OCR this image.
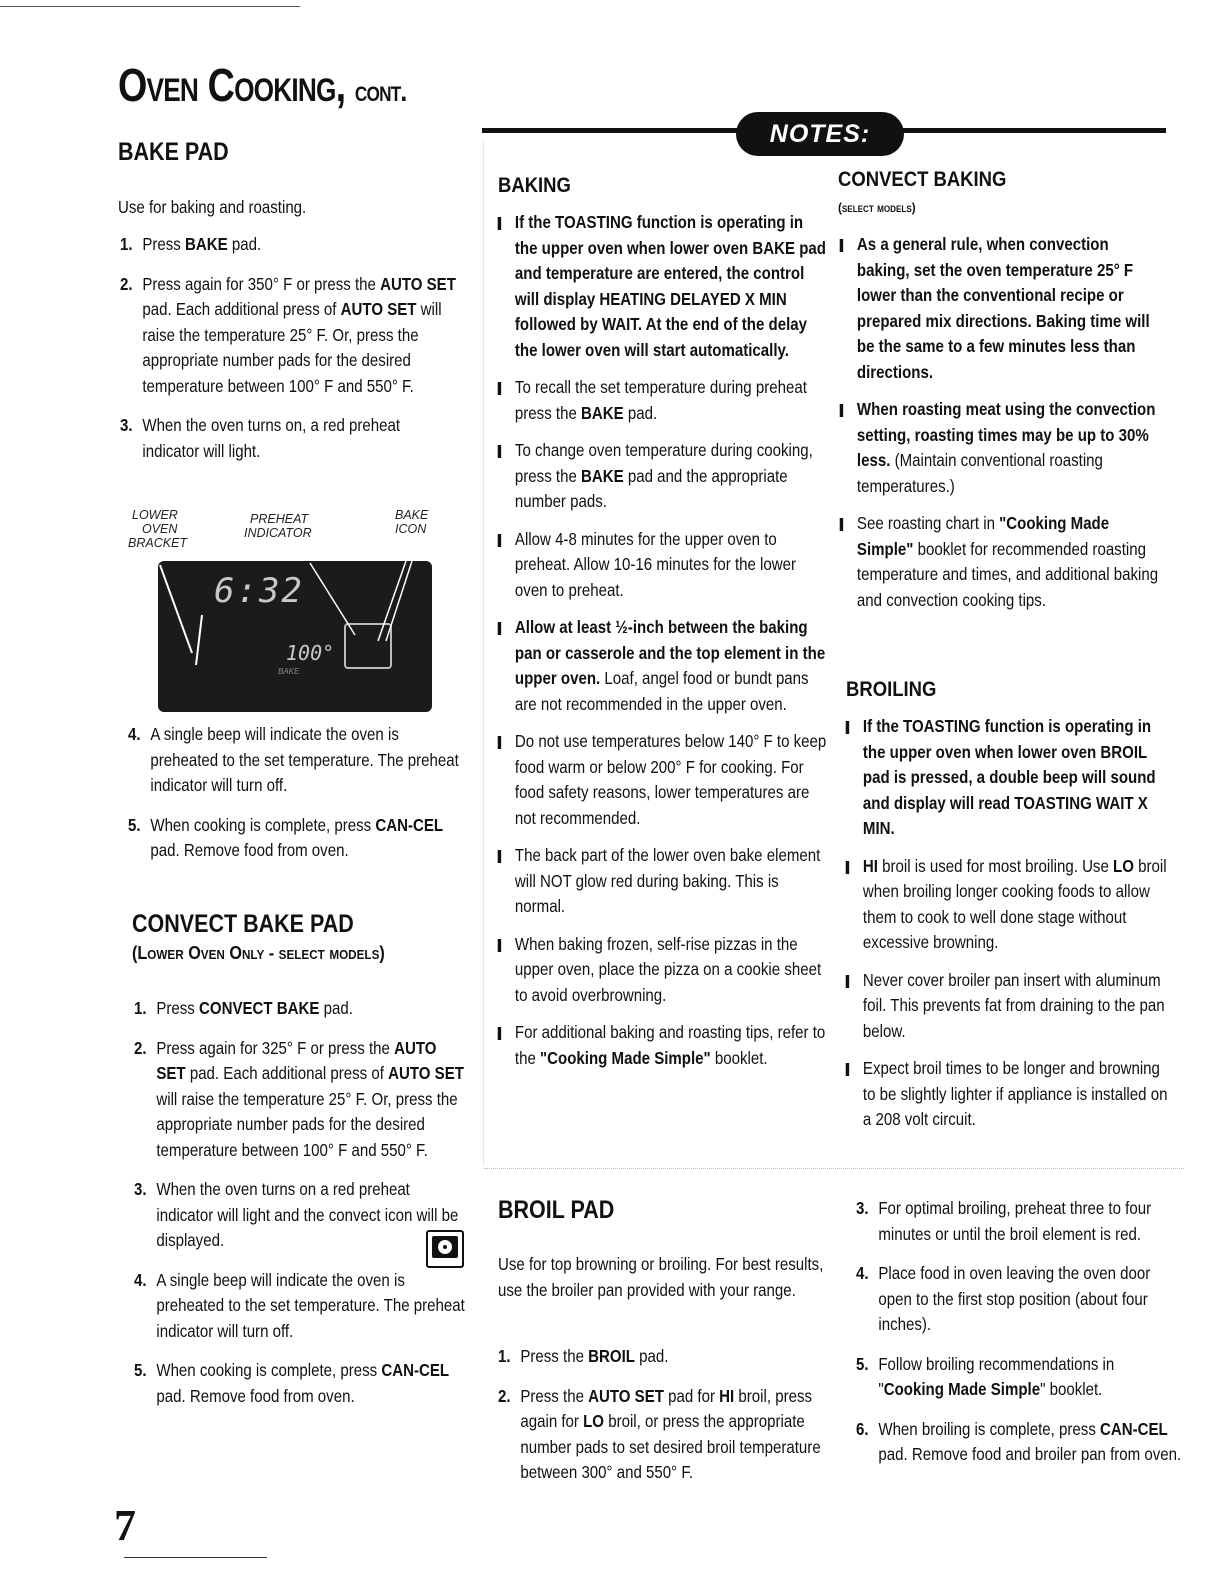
Oven Cooking, cont.
NOTES:
BAKE PAD
Use for baking and roasting.
1. Press BAKE pad.
2. Press again for 350° F or press the AUTO SET pad. Each additional press of AUTO SET will raise the temperature 25° F. Or, press the appropriate number pads for the desired temperature between 100° F and 550° F.
3. When the oven turns on, a red preheat indicator will light.
LOWER
OVEN
BRACKET
PREHEAT
INDICATOR
BAKE
ICON
6:32
100°
BAKE
4. A single beep will indicate the oven is preheated to the set temperature. The preheat indicator will turn off.
5. When cooking is complete, press CAN-CEL pad. Remove food from oven.
CONVECT BAKE PAD
(Lower Oven Only - select models)
1. Press CONVECT BAKE pad.
2. Press again for 325° F or press the AUTO SET pad. Each additional press of AUTO SET will raise the temperature 25° F. Or, press the appropriate number pads for the desired temperature between 100° F and 550° F.
3. When the oven turns on a red preheat indicator will light and the convect icon will be displayed.
4. A single beep will indicate the oven is preheated to the set temperature. The preheat indicator will turn off.
5. When cooking is complete, press CAN-CEL pad. Remove food from oven.
BAKING
If the TOASTING function is operating in the upper oven when lower oven BAKE pad and temperature are entered, the control will display HEATING DELAYED X MIN followed by WAIT. At the end of the delay the lower oven will start automatically.
To recall the set temperature during preheat press the BAKE pad.
To change oven temperature during cooking, press the BAKE pad and the appropriate number pads.
Allow 4-8 minutes for the upper oven to preheat. Allow 10-16 minutes for the lower oven to preheat.
Allow at least ½-inch between the baking pan or casserole and the top element in the upper oven. Loaf, angel food or bundt pans are not recommended in the upper oven.
Do not use temperatures below 140° F to keep food warm or below 200° F for cooking. For food safety reasons, lower temperatures are not recommended.
The back part of the lower oven bake element will NOT glow red during baking. This is normal.
When baking frozen, self-rise pizzas in the upper oven, place the pizza on a cookie sheet to avoid overbrowning.
For additional baking and roasting tips, refer to the "Cooking Made Simple" booklet.
CONVECT BAKING
(select models)
As a general rule, when convection baking, set the oven temperature 25° F lower than the conventional recipe or prepared mix directions. Baking time will be the same to a few minutes less than directions.
When roasting meat using the convection setting, roasting times may be up to 30% less. (Maintain conventional roasting temperatures.)
See roasting chart in "Cooking Made Simple" booklet for recommended roasting temperature and times, and additional baking and convection cooking tips.
BROILING
If the TOASTING function is operating in the upper oven when lower oven BROIL pad is pressed, a double beep will sound and display will read TOASTING WAIT X MIN.
HI broil is used for most broiling. Use LO broil when broiling longer cooking foods to allow them to cook to well done stage without excessive browning.
Never cover broiler pan insert with aluminum foil. This prevents fat from draining to the pan below.
Expect broil times to be longer and browning to be slightly lighter if appliance is installed on a 208 volt circuit.
BROIL PAD
Use for top browning or broiling. For best results, use the broiler pan provided with your range.
1. Press the BROIL pad.
2. Press the AUTO SET pad for HI broil, press again for LO broil, or press the appropriate number pads to set desired broil temperature between 300° and 550° F.
3. For optimal broiling, preheat three to four minutes or until the broil element is red.
4. Place food in oven leaving the oven door open to the first stop position (about four inches).
5. Follow broiling recommendations in "Cooking Made Simple" booklet.
6. When broiling is complete, press CAN-CEL pad. Remove food and broiler pan from oven.
7
